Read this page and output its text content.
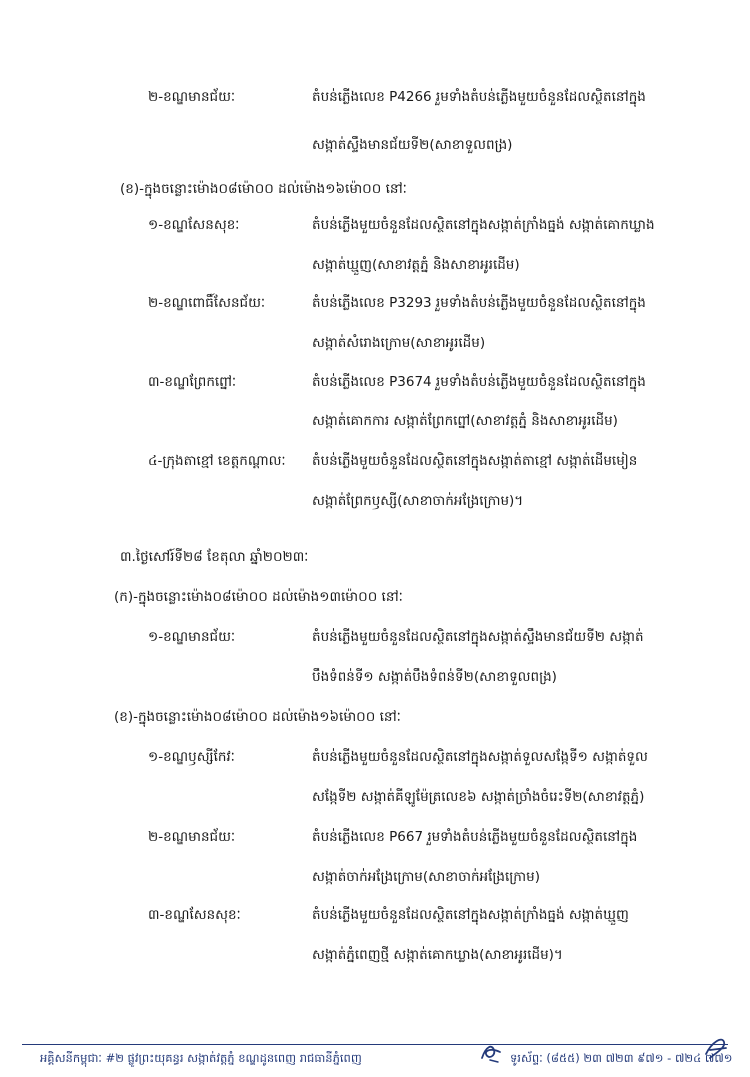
២-ខណ្ឌមានជ័យៈ	តំបន់ភ្លើងលេខ P4266 រួមទាំងតំបន់ភ្លើងមួយចំនួនដែលស្ថិតនៅក្នុង
សង្កាត់ស្ទឹងមានជ័យទី២(សាខាទួលពង្រ)
(ខ)-ក្នុងចន្លោះម៉ោង០៨ម៉ោ០០ ដល់ម៉ោង១៦ម៉ោ០០ នៅៈ
១-ខណ្ឌសែនសុខៈ	តំបន់ភ្លើងមួយចំនួនដែលស្ថិតនៅក្នុងសង្កាត់ក្រាំងធ្នង់ សង្កាត់គោកឃ្លាង
សង្កាត់ឃ្មួញ(សាខាវត្តភ្នំ និងសាខាអូរដើម)
២-ខណ្ឌពោធិ៍សែនជ័យៈ	តំបន់ភ្លើងលេខ P3293 រួមទាំងតំបន់ភ្លើងមួយចំនួនដែលស្ថិតនៅក្នុង
សង្កាត់សំរោងក្រោម(សាខាអូរដើម)
៣-ខណ្ឌព្រែកព្នៅៈ	តំបន់ភ្លើងលេខ P3674 រួមទាំងតំបន់ភ្លើងមួយចំនួនដែលស្ថិតនៅក្នុង
សង្កាត់គោកការ សង្កាត់ព្រែកព្នៅ(សាខាវត្តភ្នំ និងសាខាអូរដើម)
៤-ក្រុងតាខ្មៅ ខេត្តកណ្ដាលៈ តំបន់ភ្លើងមួយចំនួនដែលស្ថិតនៅក្នុងសង្កាត់តាខ្មៅ សង្កាត់ដើមមៀន
សង្កាត់ព្រែកឫស្សី(សាខាចាក់អង្រែក្រោម)។
៣.ថ្ងៃសៅរ៍ទី២៨ ខែតុលា ឆ្នាំ២០២៣ៈ
(ក)-ក្នុងចន្លោះម៉ោង០៨ម៉ោ០០ ដល់ម៉ោង១៣ម៉ោ០០ នៅៈ
១-ខណ្ឌមានជ័យៈ	តំបន់ភ្លើងមួយចំនួនដែលស្ថិតនៅក្នុងសង្កាត់ស្ទឹងមានជ័យទី២ សង្កាត់
បឹងទំពន់ទី១ សង្កាត់បឹងទំពន់ទី២(សាខាទួលពង្រ)
(ខ)-ក្នុងចន្លោះម៉ោង០៨ម៉ោ០០ ដល់ម៉ោង១៦ម៉ោ០០ នៅៈ
១-ខណ្ឌឫស្សីកែវៈ	តំបន់ភ្លើងមួយចំនួនដែលស្ថិតនៅក្នុងសង្កាត់ទួលសង្កែទី១ សង្កាត់ទួល
សង្កែទី២ សង្កាត់គីឡូម៉ែត្រលេខ៦ សង្កាត់ច្រាំងចំរេះទី២(សាខាវត្តភ្នំ)
២-ខណ្ឌមានជ័យៈ	តំបន់ភ្លើងលេខ P667 រួមទាំងតំបន់ភ្លើងមួយចំនួនដែលស្ថិតនៅក្នុង
សង្កាត់ចាក់អង្រែក្រោម(សាខាចាក់អង្រែក្រោម)
៣-ខណ្ឌសែនសុខៈ	តំបន់ភ្លើងមួយចំនួនដែលស្ថិតនៅក្នុងសង្កាត់ក្រាំងធ្នង់ សង្កាត់ឃ្មួញ
សង្កាត់ភ្នំពេញថ្មី សង្កាត់គោកឃ្លាង(សាខាអូរដើម)។
អគ្គិសនីកម្ពុជាៈ #២ ផ្លូវព្រះយុគន្ធរ សង្កាត់វត្តភ្នំ ខណ្ឌដូនពេញ រាជធានីភ្នំពេញ	ទូរស័ព្ទៈ (៨៥៥) ២៣ ៧២៣ ៩៧១ - ៧២៤ ៧៧១
